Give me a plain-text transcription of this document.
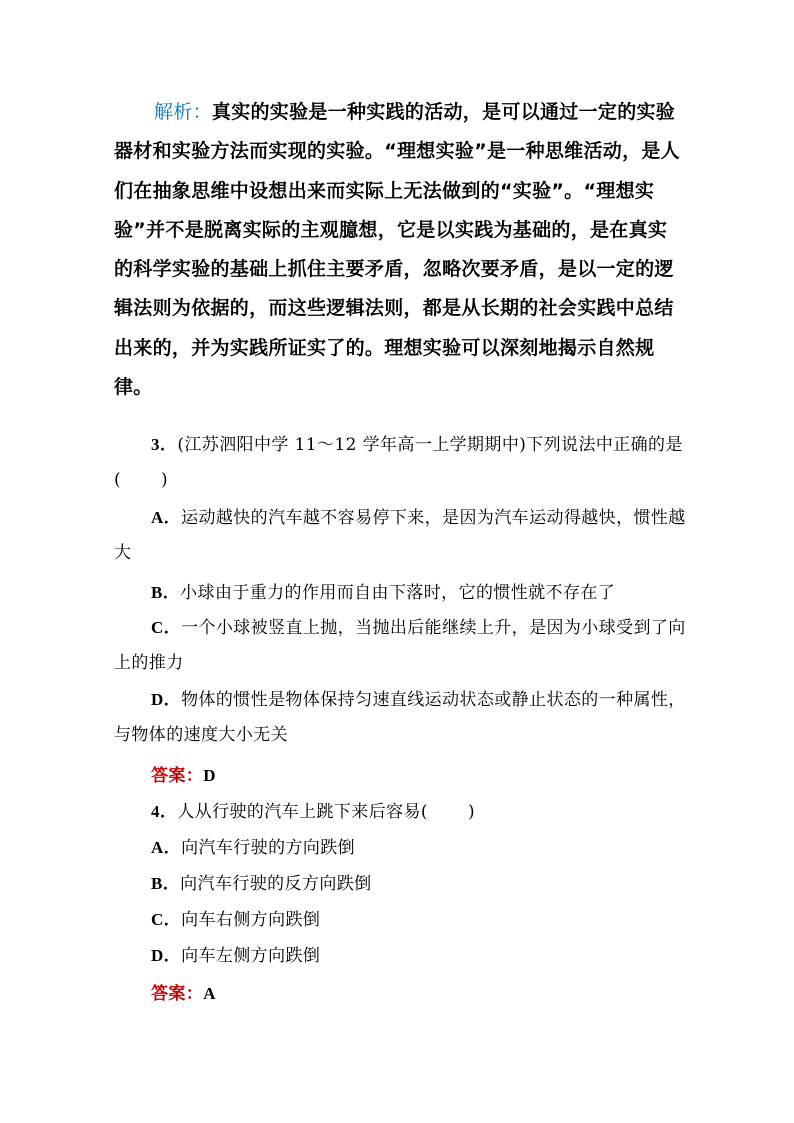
解析：真实的实验是一种实践的活动，是可以通过一定的实验器材和实验方法而实现的实验。“理想实验”是一种思维活动，是人们在抽象思维中设想出来而实际上无法做到的“实验”。“理想实验”并不是脱离实际的主观臆想，它是以实践为基础的，是在真实的科学实验的基础上抓住主要矛盾，忽略次要矛盾，是以一定的逻辑法则为依据的，而这些逻辑法则，都是从长期的社会实践中总结出来的，并为实践所证实了的。理想实验可以深刻地揭示自然规律。
3．(江苏泗阳中学 11～12 学年高一上学期期中)下列说法中正确的是( )
A．运动越快的汽车越不容易停下来，是因为汽车运动得越快，惯性越大
B．小球由于重力的作用而自由下落时，它的惯性就不存在了
C．一个小球被竖直上抛，当抛出后能继续上升，是因为小球受到了向上的推力
D．物体的惯性是物体保持匀速直线运动状态或静止状态的一种属性，与物体的速度大小无关
答案：D
4．人从行驶的汽车上跳下来后容易( )
A．向汽车行驶的方向跌倒
B．向汽车行驶的反方向跌倒
C．向车右侧方向跌倒
D．向车左侧方向跌倒
答案：A
